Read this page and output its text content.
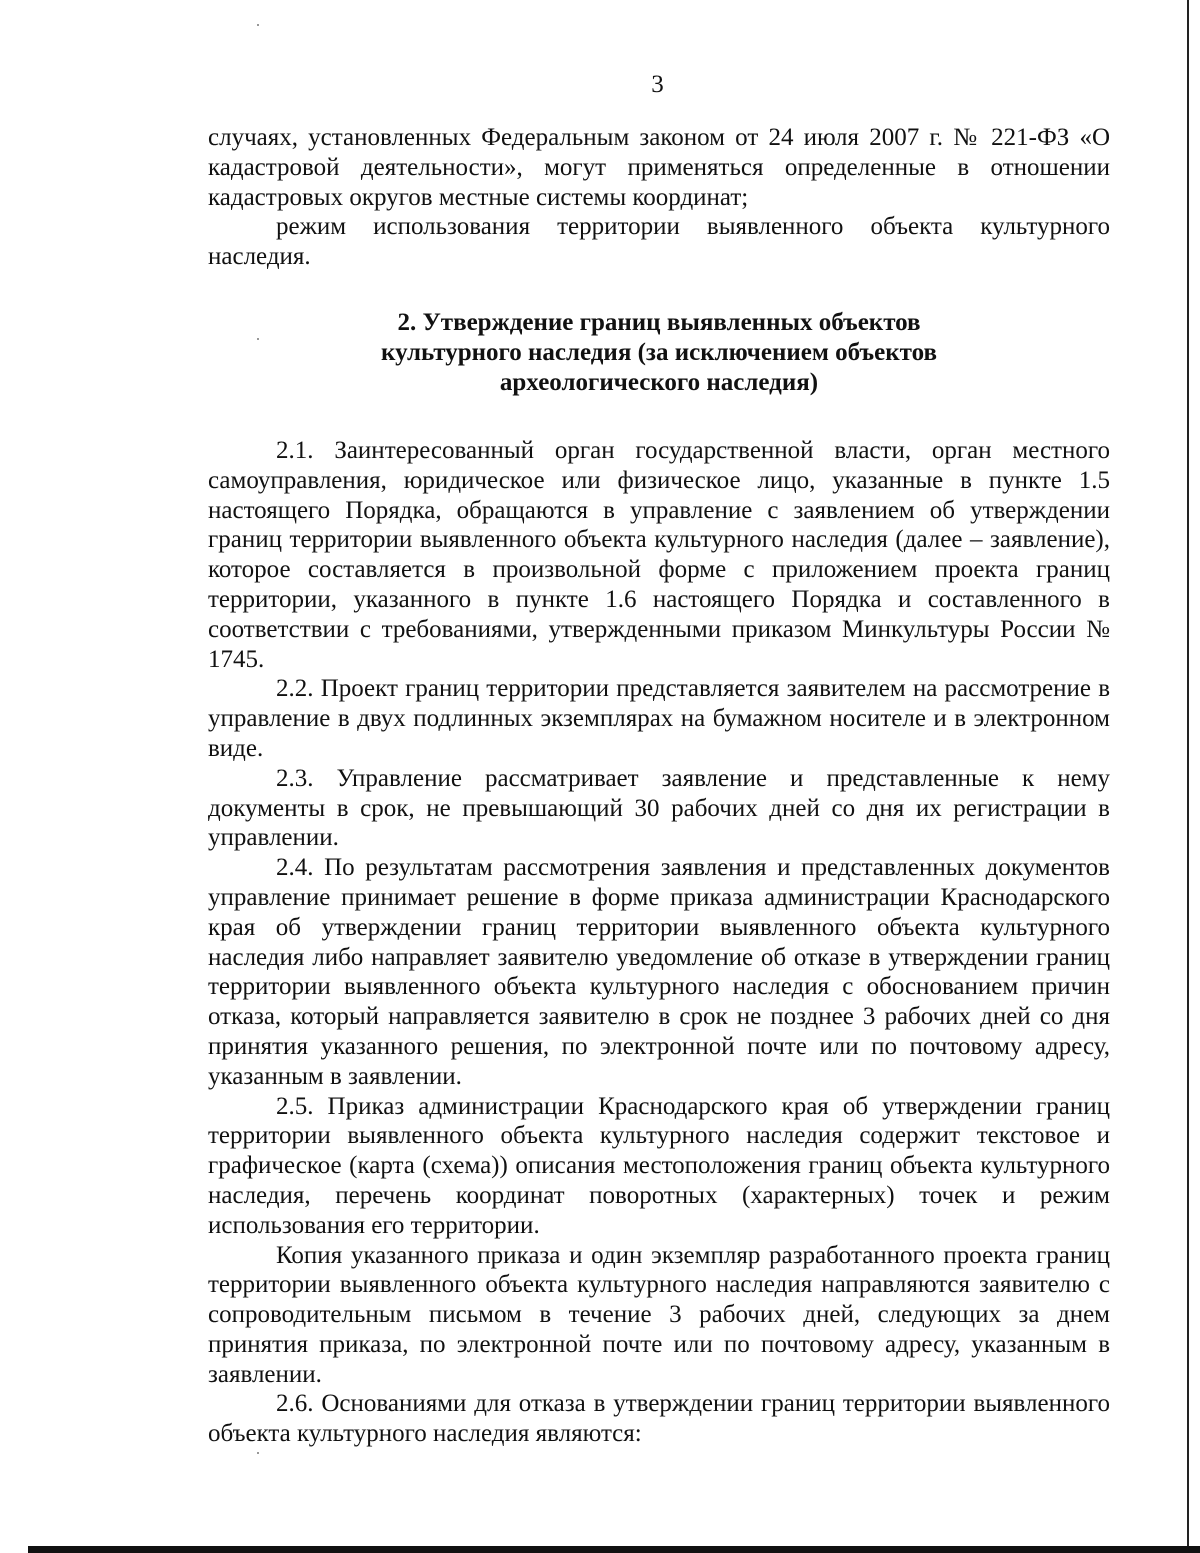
3

случаях, установленных Федеральным законом от 24 июля 2007 г. № 221-ФЗ «О кадастровой деятельности», могут применяться определенные в отношении кадастровых округов местные системы координат;

режим использования территории выявленного объекта культурного наследия.

2. Утверждение границ выявленных объектов
культурного наследия (за исключением объектов
археологического наследия)

2.1. Заинтересованный орган государственной власти, орган местного самоуправления, юридическое или физическое лицо, указанные в пункте 1.5 настоящего Порядка, обращаются в управление с заявлением об утверждении границ территории выявленного объекта культурного наследия (далее – заявление), которое составляется в произвольной форме с приложением проекта границ территории, указанного в пункте 1.6 настоящего Порядка и составленного в соответствии с требованиями, утвержденными приказом Минкультуры России № 1745.

2.2. Проект границ территории представляется заявителем на рассмотрение в управление в двух подлинных экземплярах на бумажном носителе и в электронном виде.

2.3. Управление рассматривает заявление и представленные к нему документы в срок, не превышающий 30 рабочих дней со дня их регистрации в управлении.

2.4. По результатам рассмотрения заявления и представленных документов управление принимает решение в форме приказа администрации Краснодарского края об утверждении границ территории выявленного объекта культурного наследия либо направляет заявителю уведомление об отказе в утверждении границ территории выявленного объекта культурного наследия с обоснованием причин отказа, который направляется заявителю в срок не позднее 3 рабочих дней со дня принятия указанного решения, по электронной почте или по почтовому адресу, указанным в заявлении.

2.5. Приказ администрации Краснодарского края об утверждении границ территории выявленного объекта культурного наследия содержит текстовое и графическое (карта (схема)) описания местоположения границ объекта культурного наследия, перечень координат поворотных (характерных) точек и режим использования его территории.

Копия указанного приказа и один экземпляр разработанного проекта границ территории выявленного объекта культурного наследия направляются заявителю с сопроводительным письмом в течение 3 рабочих дней, следующих за днем принятия приказа, по электронной почте или по почтовому адресу, указанным в заявлении.

2.6. Основаниями для отказа в утверждении границ территории выявленного объекта культурного наследия являются:
